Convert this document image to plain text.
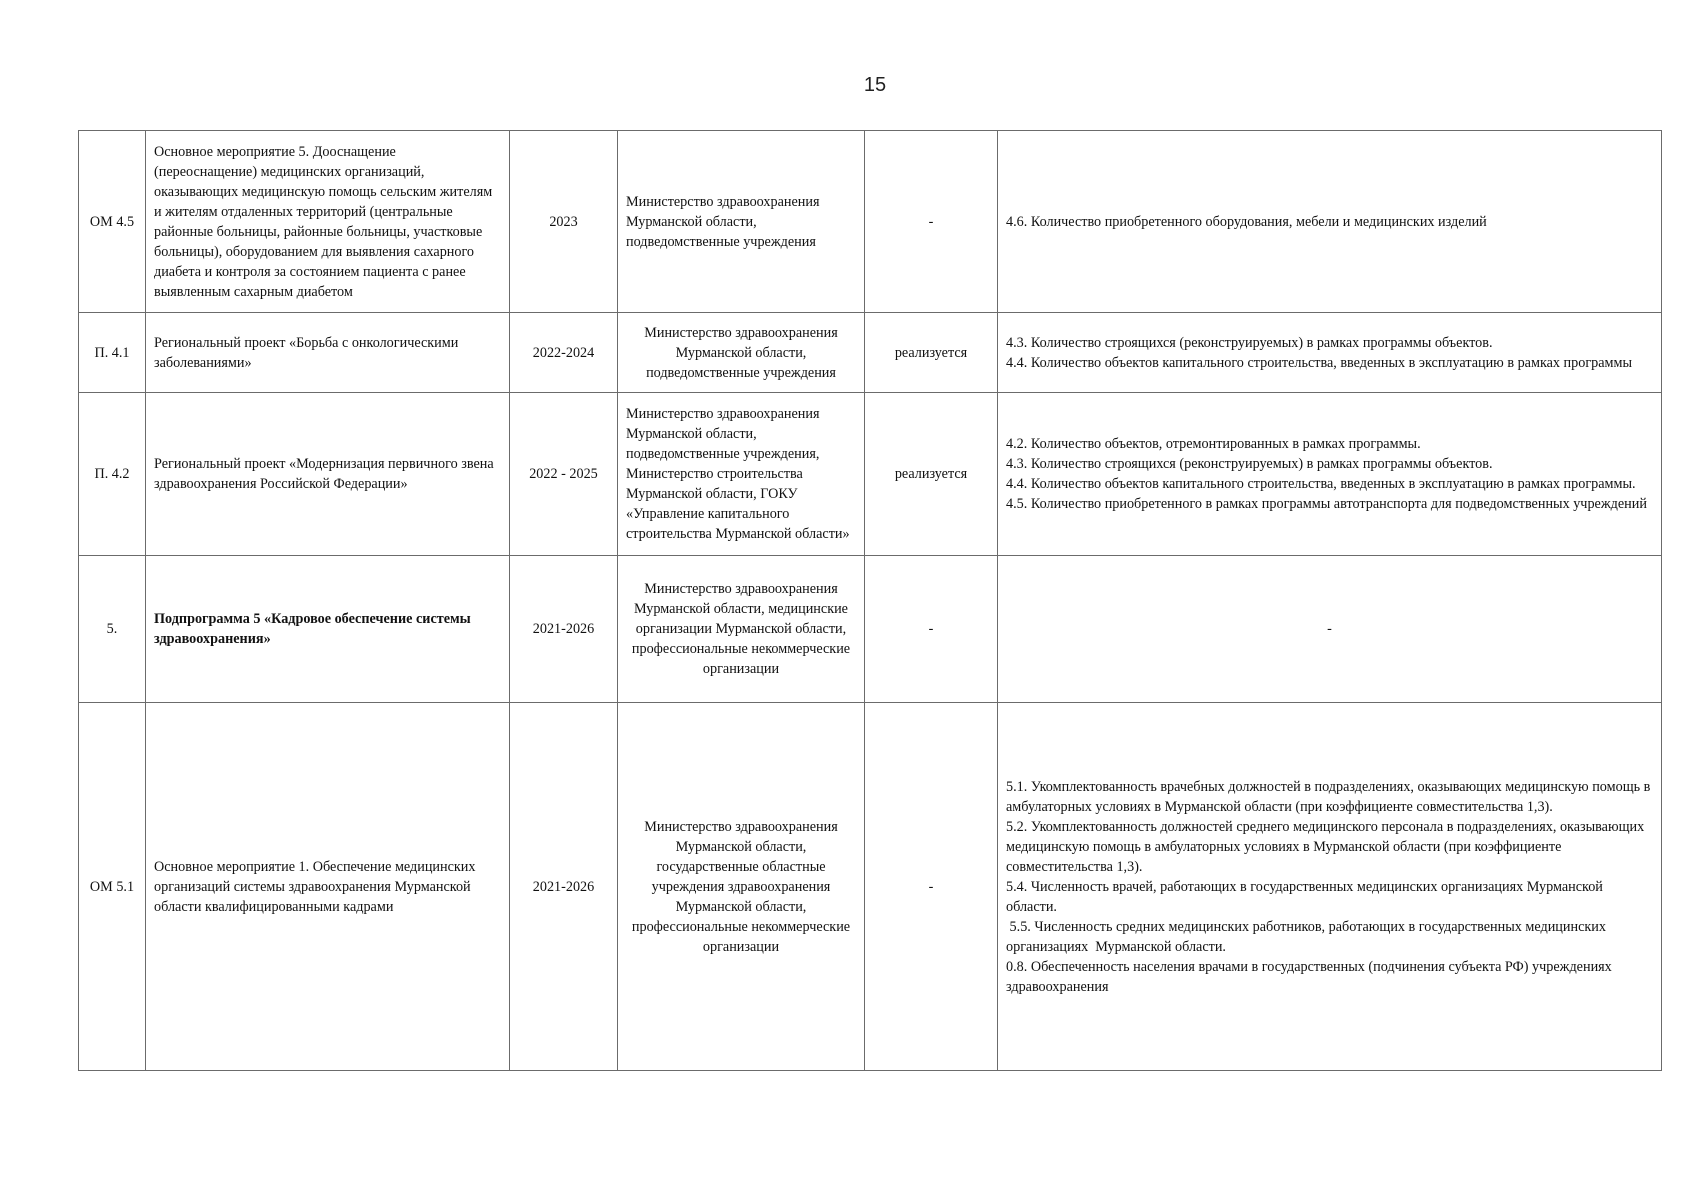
15
ОМ 4.5	Основное мероприятие 5. Дооснащение (переоснащение) медицинских организаций, оказывающих медицинскую помощь сельским жителям и жителям отдаленных территорий (центральные районные больницы, районные больницы, участковые больницы), оборудованием для выявления сахарного диабета и контроля за состоянием пациента с ранее выявленным сахарным диабетом	2023	Министерство здравоохранения Мурманской области, подведомственные учреждения	-	4.6. Количество приобретенного оборудования, мебели и медицинских изделий

П. 4.1	Региональный проект «Борьба с онкологическими заболеваниями»	2022-2024	Министерство здравоохранения Мурманской области, подведомственные учреждения	реализуется	4.3. Количество строящихся (реконструируемых) в рамках программы объектов.
4.4. Количество объектов капитального строительства, введенных в эксплуатацию в рамках программы

П. 4.2	Региональный проект «Модернизация первичного звена здравоохранения Российской Федерации»	2022 - 2025	Министерство здравоохранения Мурманской области, подведомственные учреждения, Министерство строительства Мурманской области, ГОКУ «Управление капитального строительства Мурманской области»	реализуется	4.2. Количество объектов, отремонтированных в рамках программы.
4.3. Количество строящихся (реконструируемых) в рамках программы объектов.
4.4. Количество объектов капитального строительства, введенных в эксплуатацию в рамках программы.
4.5. Количество приобретенного в рамках программы автотранспорта для подведомственных учреждений

5.	Подпрограмма 5 «Кадровое обеспечение системы здравоохранения»	2021-2026	Министерство здравоохранения Мурманской области, медицинские организации Мурманской области, профессиональные некоммерческие организации	-	-

ОМ 5.1	Основное мероприятие 1. Обеспечение медицинских организаций системы здравоохранения Мурманской области квалифицированными кадрами	2021-2026	Министерство здравоохранения Мурманской области, государственные областные учреждения здравоохранения Мурманской области, профессиональные некоммерческие организации	-	5.1. Укомплектованность врачебных должностей в подразделениях, оказывающих медицинскую помощь в амбулаторных условиях в Мурманской области (при коэффициенте совместительства 1,3).
5.2. Укомплектованность должностей среднего медицинского персонала в подразделениях, оказывающих медицинскую помощь в амбулаторных условиях в Мурманской области (при коэффициенте совместительства 1,3).
5.4. Численность врачей, работающих в государственных медицинских организациях Мурманской области.
5.5. Численность средних медицинских работников, работающих в государственных медицинских организациях  Мурманской области.
0.8. Обеспеченность населения врачами в государственных (подчинения субъекта РФ) учреждениях здравоохранения
